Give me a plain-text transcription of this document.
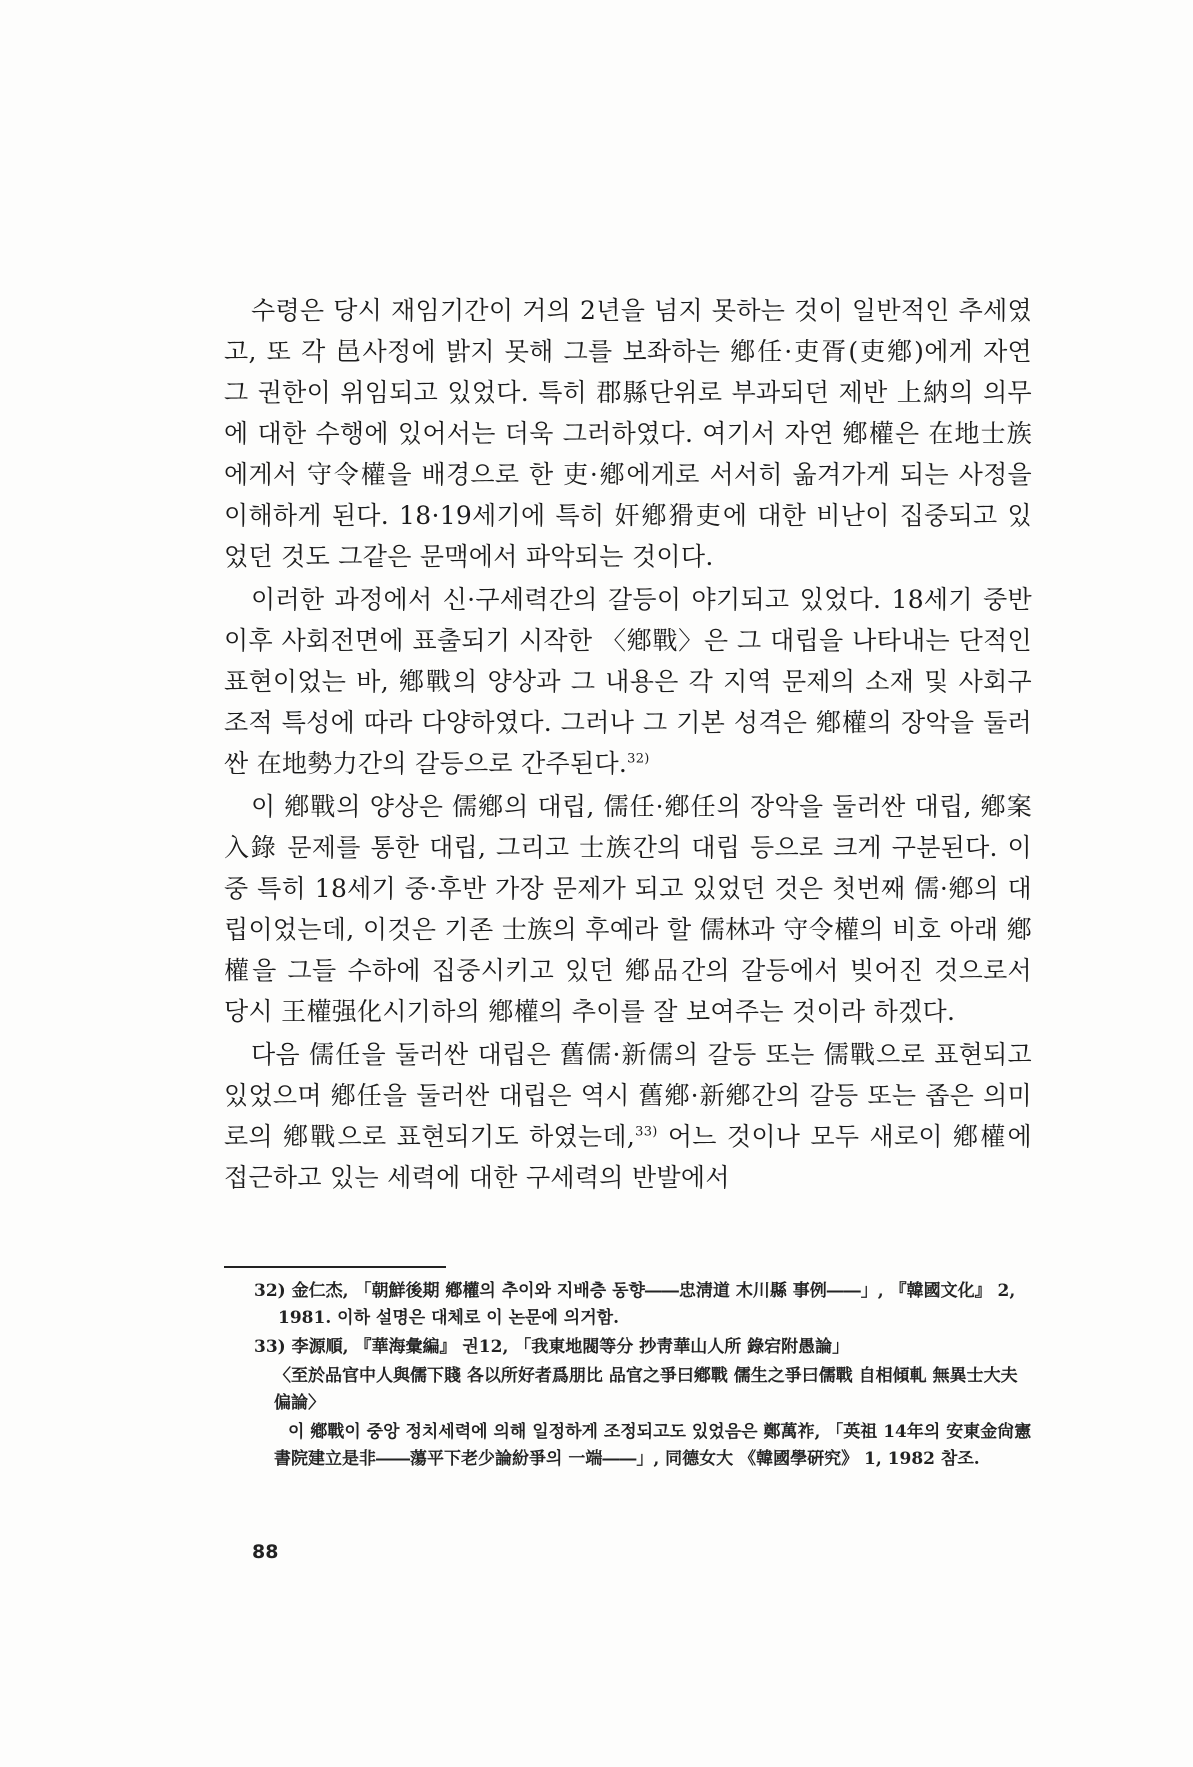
수령은 당시 재임기간이 거의 2년을 넘지 못하는 것이 일반적인 추세였고, 또 각 邑사정에 밝지 못해 그를 보좌하는 鄕任·吏胥(吏鄕)에게 자연 그 권한이 위임되고 있었다. 특히 郡縣단위로 부과되던 제반 上納의 의무에 대한 수행에 있어서는 더욱 그러하였다. 여기서 자연 鄕權은 在地士族에게서 守令權을 배경으로 한 吏·鄕에게로 서서히 옮겨가게 되는 사정을 이해하게 된다. 18·19세기에 특히 奸鄕猾吏에 대한 비난이 집중되고 있었던 것도 그같은 문맥에서 파악되는 것이다.

이러한 과정에서 신·구세력간의 갈등이 야기되고 있었다. 18세기 중반 이후 사회전면에 표출되기 시작한 〈鄕戰〉은 그 대립을 나타내는 단적인 표현이었는 바, 鄕戰의 양상과 그 내용은 각 지역 문제의 소재 및 사회구조적 특성에 따라 다양하였다. 그러나 그 기본 성격은 鄕權의 장악을 둘러싼 在地勢力간의 갈등으로 간주된다.$^{32)}$

이 鄕戰의 양상은 儒鄕의 대립, 儒任·鄕任의 장악을 둘러싼 대립, 鄕案入錄 문제를 통한 대립, 그리고 士族간의 대립 등으로 크게 구분된다. 이 중 특히 18세기 중·후반 가장 문제가 되고 있었던 것은 첫번째 儒·鄕의 대립이었는데, 이것은 기존 士族의 후예라 할 儒林과 守令權의 비호 아래 鄕權을 그들 수하에 집중시키고 있던 鄕品간의 갈등에서 빚어진 것으로서 당시 王權强化시기하의 鄕權의 추이를 잘 보여주는 것이라 하겠다.

다음 儒任을 둘러싼 대립은 舊儒·新儒의 갈등 또는 儒戰으로 표현되고 있었으며 鄕任을 둘러싼 대립은 역시 舊鄕·新鄕간의 갈등 또는 좁은 의미로의 鄕戰으로 표현되기도 하였는데,$^{33)}$ 어느 것이나 모두 새로이 鄕權에 접근하고 있는 세력에 대한 구세력의 반발에서

32) 金仁杰, 「朝鮮後期 鄕權의 추이와 지배층 동향――忠淸道 木川縣 事例――」, 『韓國文化』 2, 1981. 이하 설명은 대체로 이 논문에 의거함.

33) 李源順, 『華海彙編』 권12, 「我東地閥等分 抄靑華山人所 錄宕附愚論」

〈至於品官中人與儒下賤 各以所好者爲朋比 品官之爭曰鄕戰 儒生之爭曰儒戰 自相傾軋 無異士大夫偏論〉

이 鄕戰이 중앙 정치세력에 의해 일정하게 조정되고도 있었음은 鄭萬祚, 「英祖 14年의 安東金尙憲書院建立是非――蕩平下老少論紛爭의 一端――」, 同德女大 《韓國學硏究》 1, 1982 참조.

88
